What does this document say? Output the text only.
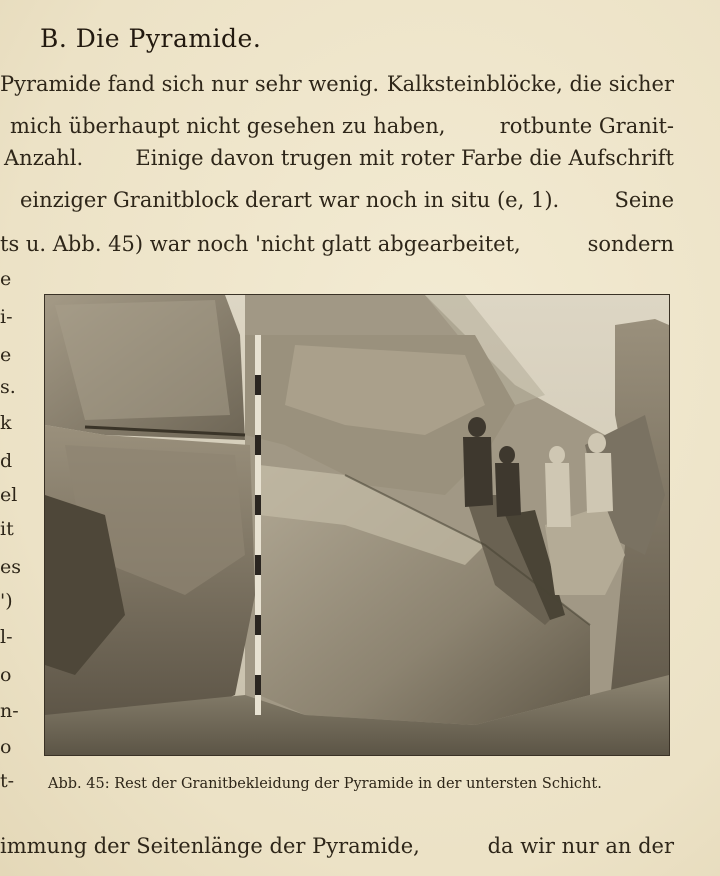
B. Die Pyramide.
Pyramide fand sich nur sehr wenig. Kalksteinblöcke, die sicher
mich überhaupt nicht gesehen zu haben,	rotbunte Granit-
Anzahl. Einige davon trugen mit roter Farbe die Aufschrift
einziger Granitblock derart war noch in situ (e, 1).	Seine
ts u. Abb. 45) war noch 'nicht glatt abgearbeitet,	sondern
e
i-
e
s.
k
d
el
it
es
')
l-
o
n-
o
t- Abb. 45: Rest der Granitbekleidung der Pyramide in der untersten Schicht.
immung der Seitenlänge der Pyramide,	da wir nur an der
